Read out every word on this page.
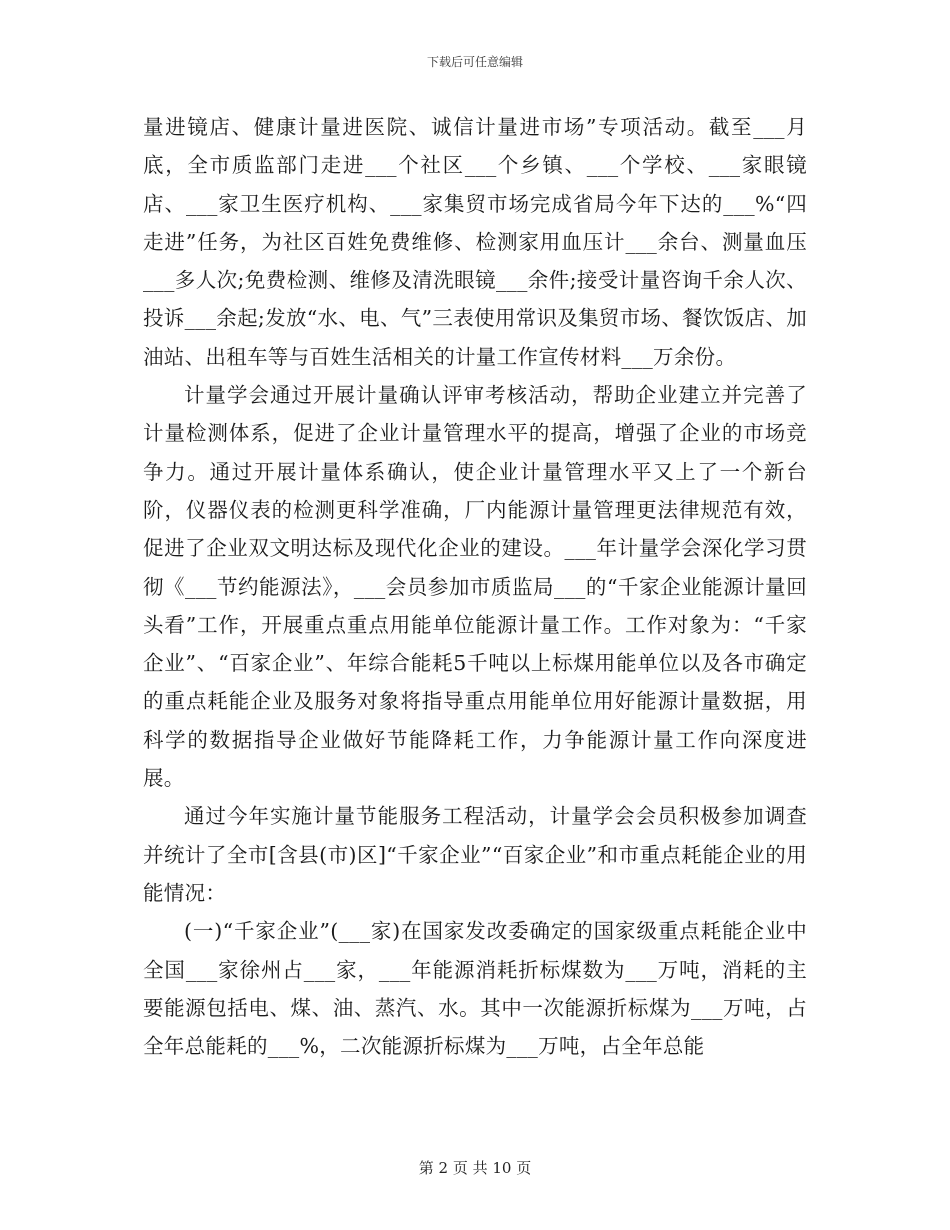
下载后可任意编辑

量进镜店、健康计量进医院、诚信计量进市场”专项活动。截至___月底，全市质监部门走进___个社区___个乡镇、___个学校、___家眼镜店、___家卫生医疗机构、___家集贸市场完成省局今年下达的___%“四走进”任务，为社区百姓免费维修、检测家用血压计___余台、测量血压___多人次;免费检测、维修及清洗眼镜___余件;接受计量咨询千余人次、投诉___余起;发放“水、电、气”三表使用常识及集贸市场、餐饮饭店、加油站、出租车等与百姓生活相关的计量工作宣传材料___万余份。

计量学会通过开展计量确认评审考核活动，帮助企业建立并完善了计量检测体系，促进了企业计量管理水平的提高，增强了企业的市场竞争力。通过开展计量体系确认，使企业计量管理水平又上了一个新台阶，仪器仪表的检测更科学准确，厂内能源计量管理更法律规范有效，促进了企业双文明达标及现代化企业的建设。___年计量学会深化学习贯彻《___节约能源法》，___会员参加市质监局___的“千家企业能源计量回头看”工作，开展重点重点用能单位能源计量工作。工作对象为：“千家企业”、“百家企业”、年综合能耗5千吨以上标煤用能单位以及各市确定的重点耗能企业及服务对象将指导重点用能单位用好能源计量数据，用科学的数据指导企业做好节能降耗工作，力争能源计量工作向深度进展。

通过今年实施计量节能服务工程活动，计量学会会员积极参加调查并统计了全市[含县(市)区]“千家企业”“百家企业”和市重点耗能企业的用能情况：

(一)“千家企业”(___家)在国家发改委确定的国家级重点耗能企业中全国___家徐州占___家，___年能源消耗折标煤数为___万吨，消耗的主要能源包括电、煤、油、蒸汽、水。其中一次能源折标煤为___万吨，占全年总能耗的___%，二次能源折标煤为___万吨，占全年总能

第 2 页 共 10 页
